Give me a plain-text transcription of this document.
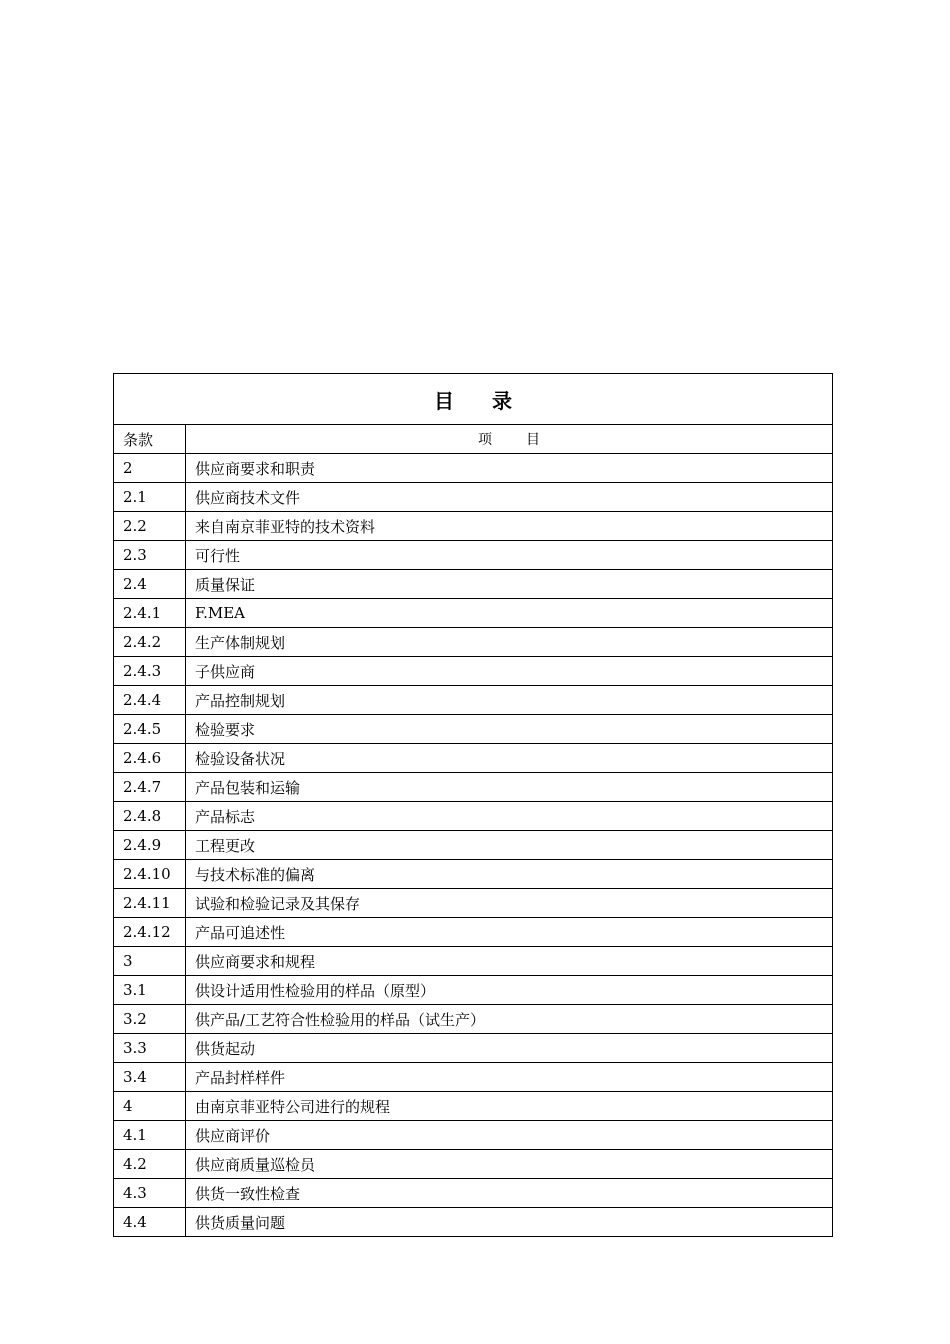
目 录	
条款	项 目
2	供应商要求和职责
2.1	供应商技术文件
2.2	来自南京菲亚特的技术资料
2.3	可行性
2.4	质量保证
2.4.1	F.MEA
2.4.2	生产体制规划
2.4.3	子供应商
2.4.4	产品控制规划
2.4.5	检验要求
2.4.6	检验设备状况
2.4.7	产品包装和运输
2.4.8	产品标志
2.4.9	工程更改
2.4.10	与技术标准的偏离
2.4.11	试验和检验记录及其保存
2.4.12	产品可追述性
3	供应商要求和规程
3.1	供设计适用性检验用的样品（原型）
3.2	供产品/工艺符合性检验用的样品（试生产）
3.3	供货起动
3.4	产品封样样件
4	由南京菲亚特公司进行的规程
4.1	供应商评价
4.2	供应商质量巡检员
4.3	供货一致性检查
4.4	供货质量问题
